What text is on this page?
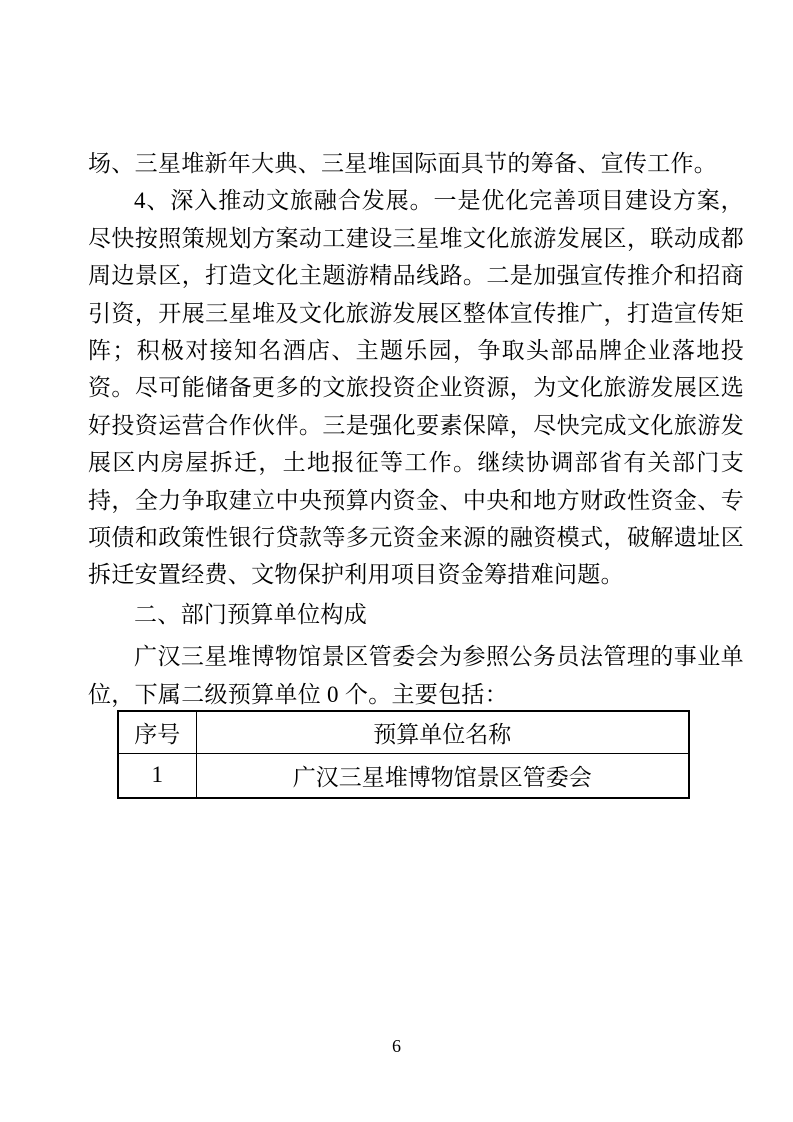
场、三星堆新年大典、三星堆国际面具节的筹备、宣传工作。

4、深入推动文旅融合发展。一是优化完善项目建设方案，尽快按照策规划方案动工建设三星堆文化旅游发展区，联动成都周边景区，打造文化主题游精品线路。二是加强宣传推介和招商引资，开展三星堆及文化旅游发展区整体宣传推广，打造宣传矩阵；积极对接知名酒店、主题乐园，争取头部品牌企业落地投资。尽可能储备更多的文旅投资企业资源，为文化旅游发展区选好投资运营合作伙伴。三是强化要素保障，尽快完成文化旅游发展区内房屋拆迁，土地报征等工作。继续协调部省有关部门支持，全力争取建立中央预算内资金、中央和地方财政性资金、专项债和政策性银行贷款等多元资金来源的融资模式，破解遗址区拆迁安置经费、文物保护利用项目资金筹措难问题。

二、部门预算单位构成

广汉三星堆博物馆景区管委会为参照公务员法管理的事业单位，下属二级预算单位 0 个。主要包括：

序号	预算单位名称
1	广汉三星堆博物馆景区管委会
6
